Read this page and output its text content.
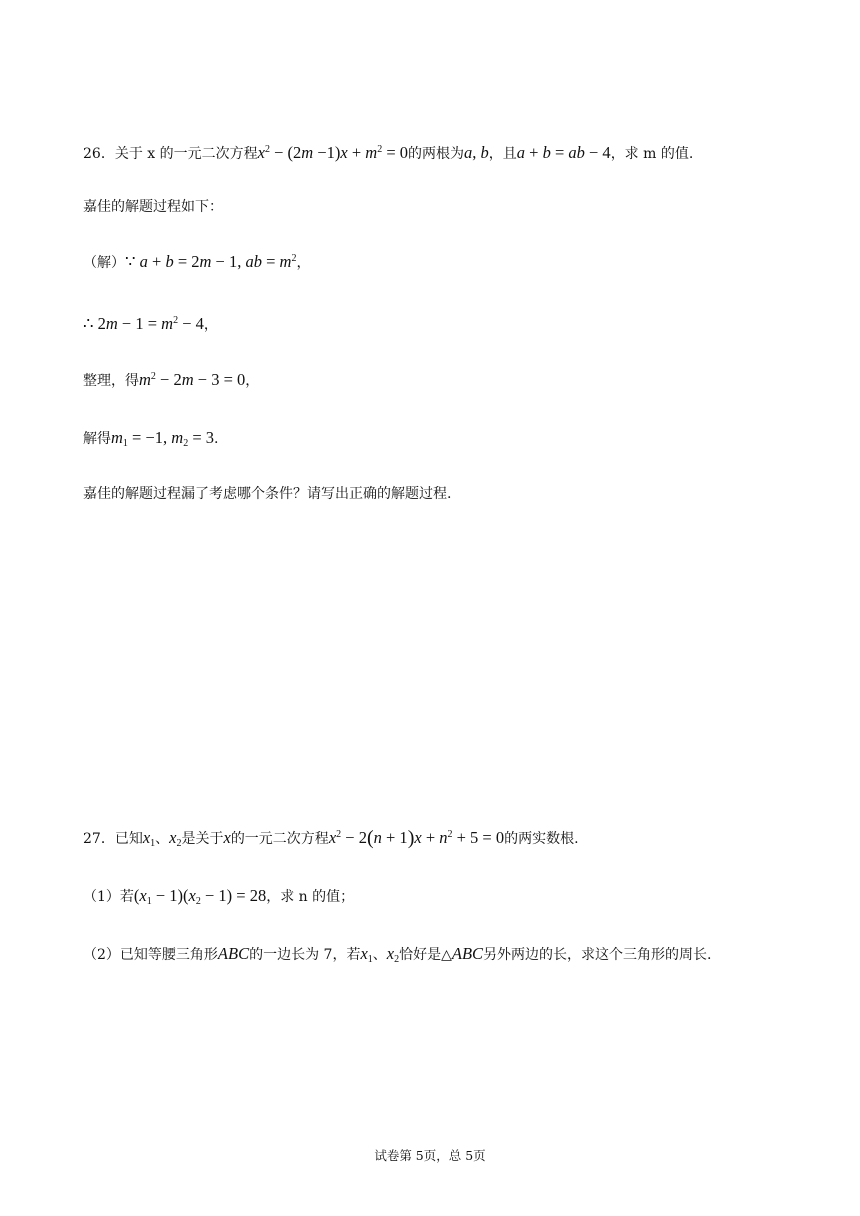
26．关于 x 的一元二次方程$x^2 - (2m -1)x + m^2 = 0$的两根为a, b，且a + b = ab − 4，求 m 的值.
嘉佳的解题过程如下：
（解）∵ a + b = 2m − 1, ab = $m^2$，
∴ $2m - 1 = m^2 - 4$，
整理，得$m^2 - 2m - 3 = 0$，
解得$m_1 = -1$, $m_2 = 3$.
嘉佳的解题过程漏了考虑哪个条件？请写出正确的解题过程.
27．已知$x_1$、$x_2$是关于x的一元二次方程$x^2 - 2(n + 1)x + n^2 + 5 = 0$的两实数根.
（1）若$(x_1 - 1)(x_2 - 1) = 28$，求 n 的值；
（2）已知等腰三角形ABC的一边长为 7，若$x_1$、$x_2$恰好是△ABC另外两边的长，求这个三角形的周长.
试卷第 5页，总 5页
